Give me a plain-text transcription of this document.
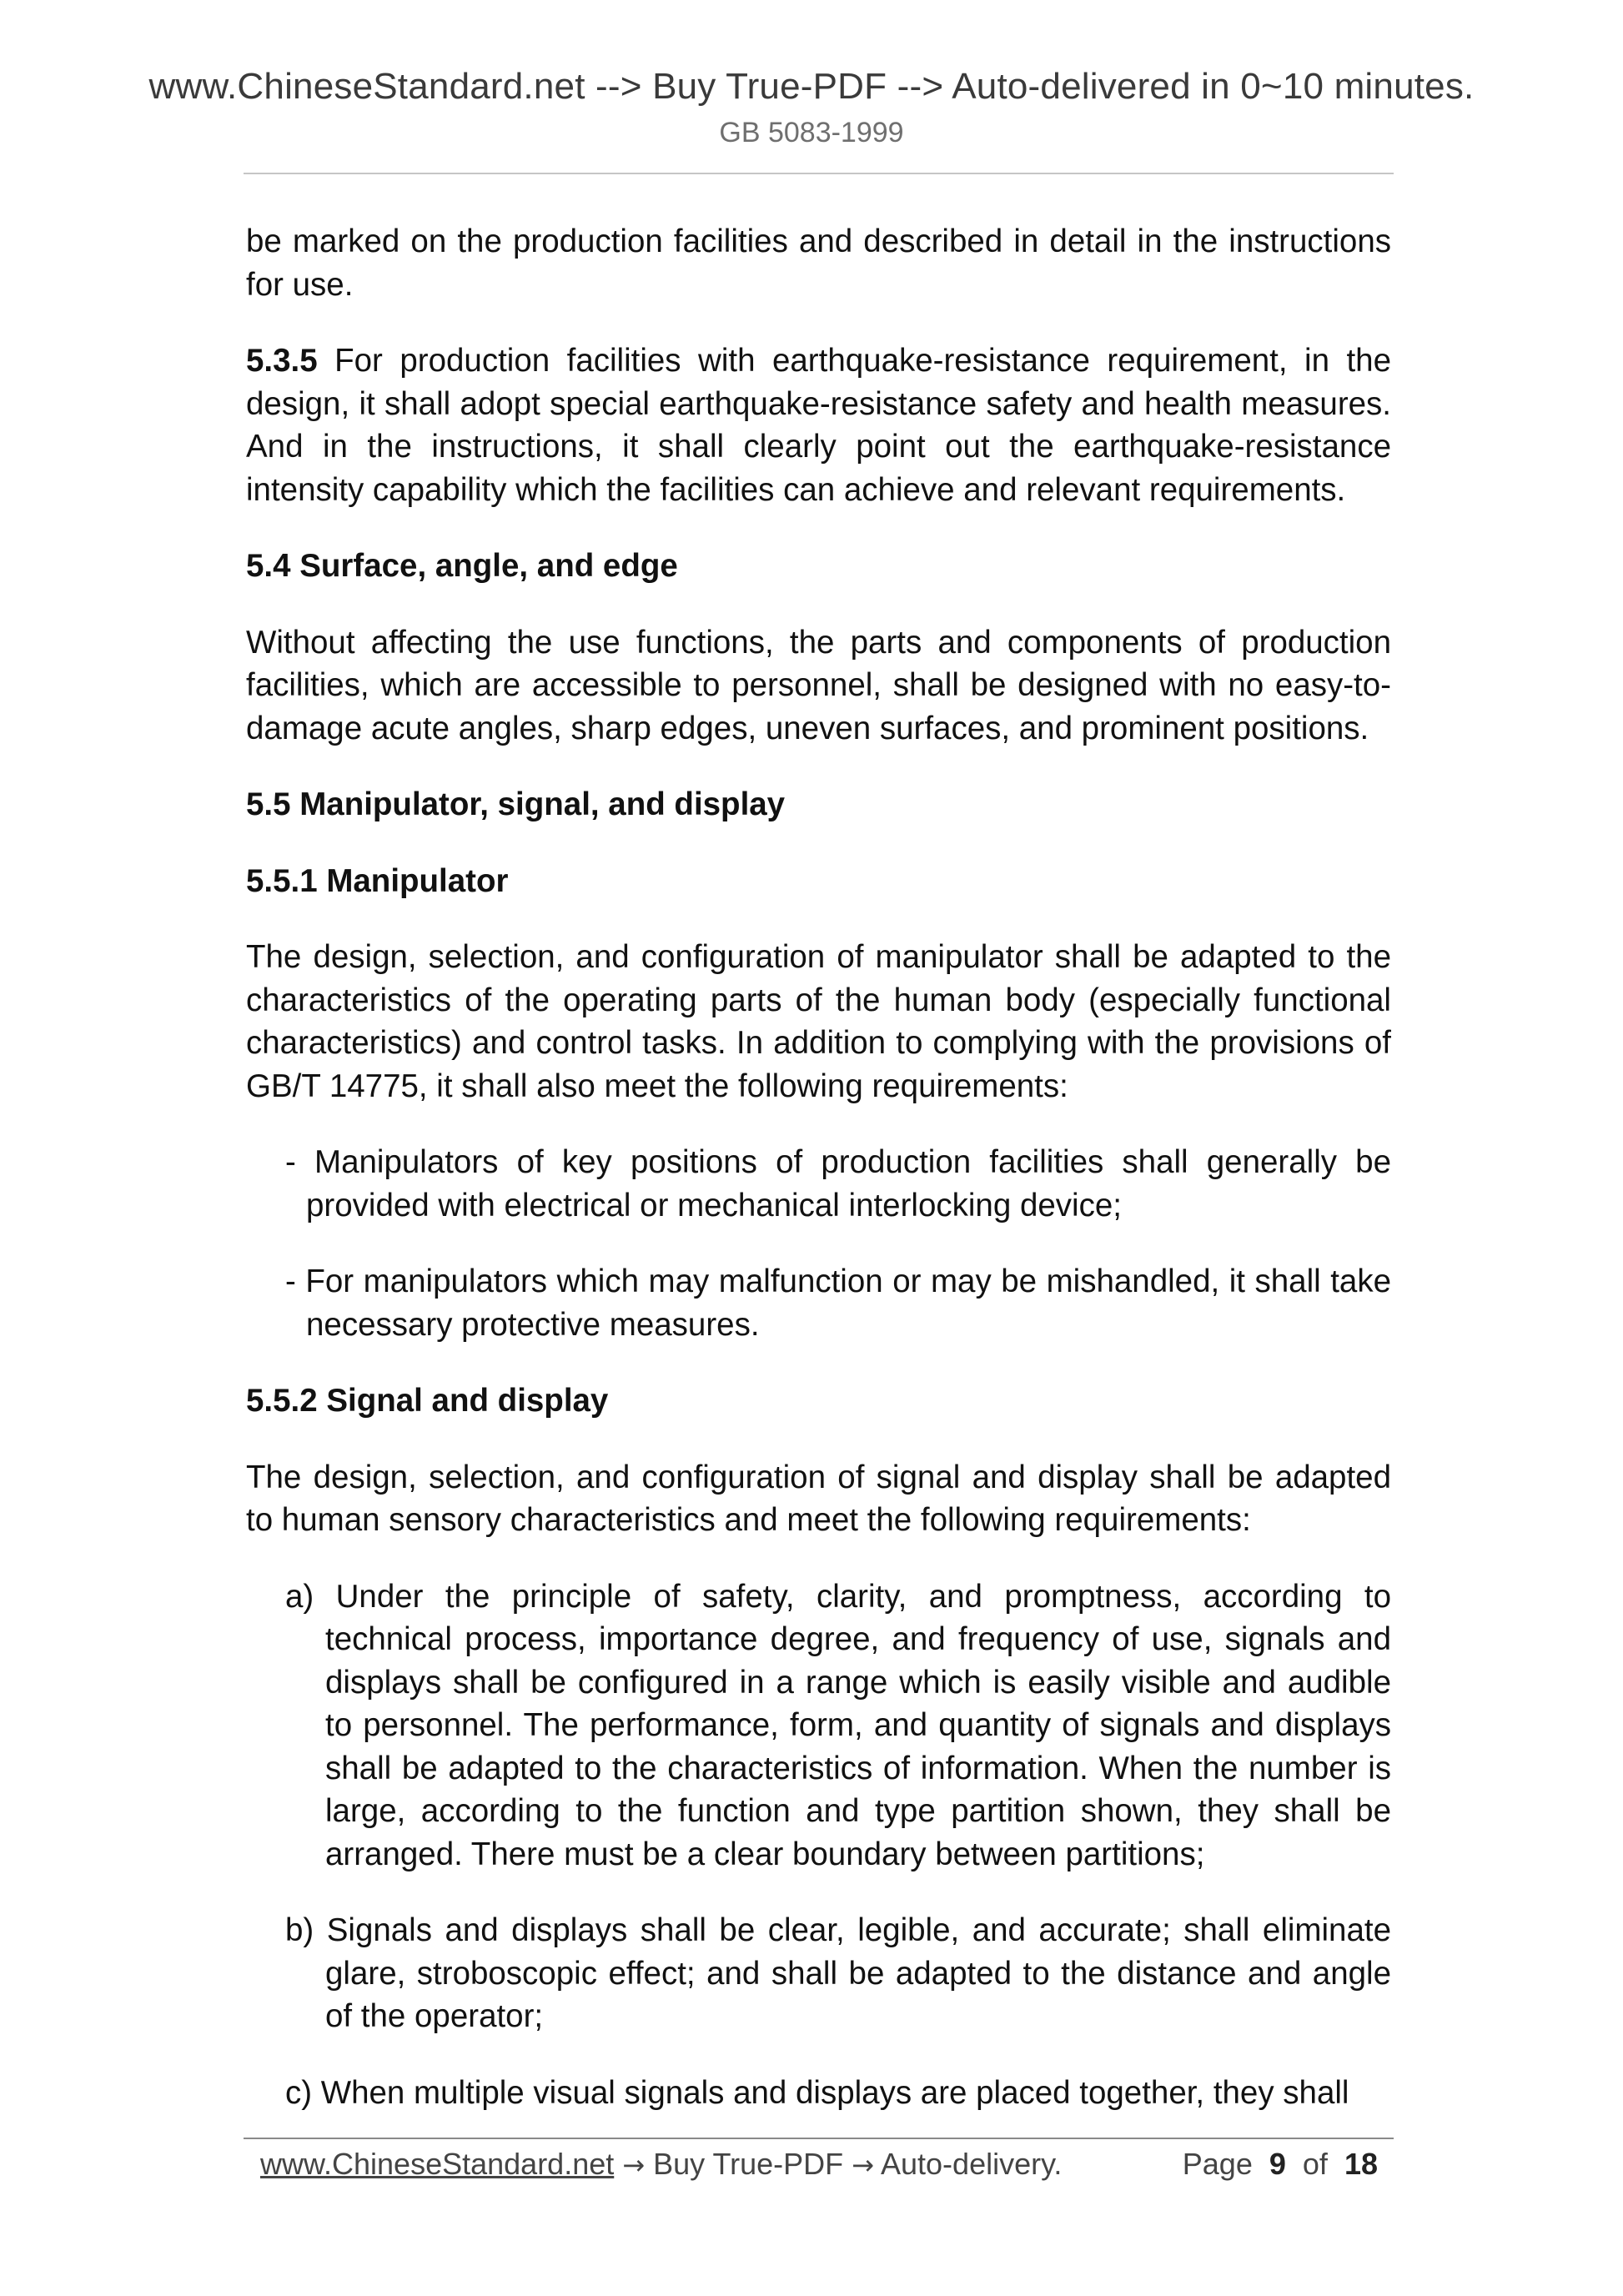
www.ChineseStandard.net --> Buy True-PDF --> Auto-delivered in 0~10 minutes.
GB 5083-1999

be marked on the production facilities and described in detail in the instructions for use.

5.3.5 For production facilities with earthquake-resistance requirement, in the design, it shall adopt special earthquake-resistance safety and health measures. And in the instructions, it shall clearly point out the earthquake-resistance intensity capability which the facilities can achieve and relevant requirements.

5.4 Surface, angle, and edge

Without affecting the use functions, the parts and components of production facilities, which are accessible to personnel, shall be designed with no easy-to-damage acute angles, sharp edges, uneven surfaces, and prominent positions.

5.5 Manipulator, signal, and display
5.5.1 Manipulator

The design, selection, and configuration of manipulator shall be adapted to the characteristics of the operating parts of the human body (especially functional characteristics) and control tasks. In addition to complying with the provisions of GB/T 14775, it shall also meet the following requirements:

- Manipulators of key positions of production facilities shall generally be provided with electrical or mechanical interlocking device;
- For manipulators which may malfunction or may be mishandled, it shall take necessary protective measures.
5.5.2 Signal and display

The design, selection, and configuration of signal and display shall be adapted to human sensory characteristics and meet the following requirements:

a) Under the principle of safety, clarity, and promptness, according to technical process, importance degree, and frequency of use, signals and displays shall be configured in a range which is easily visible and audible to personnel. The performance, form, and quantity of signals and displays shall be adapted to the characteristics of information. When the number is large, according to the function and type partition shown, they shall be arranged. There must be a clear boundary between partitions;
b) Signals and displays shall be clear, legible, and accurate; shall eliminate glare, stroboscopic effect; and shall be adapted to the distance and angle of the operator;
c) When multiple visual signals and displays are placed together, they shall
www.ChineseStandard.net → Buy True-PDF → Auto-delivery.	Page 9 of 18
